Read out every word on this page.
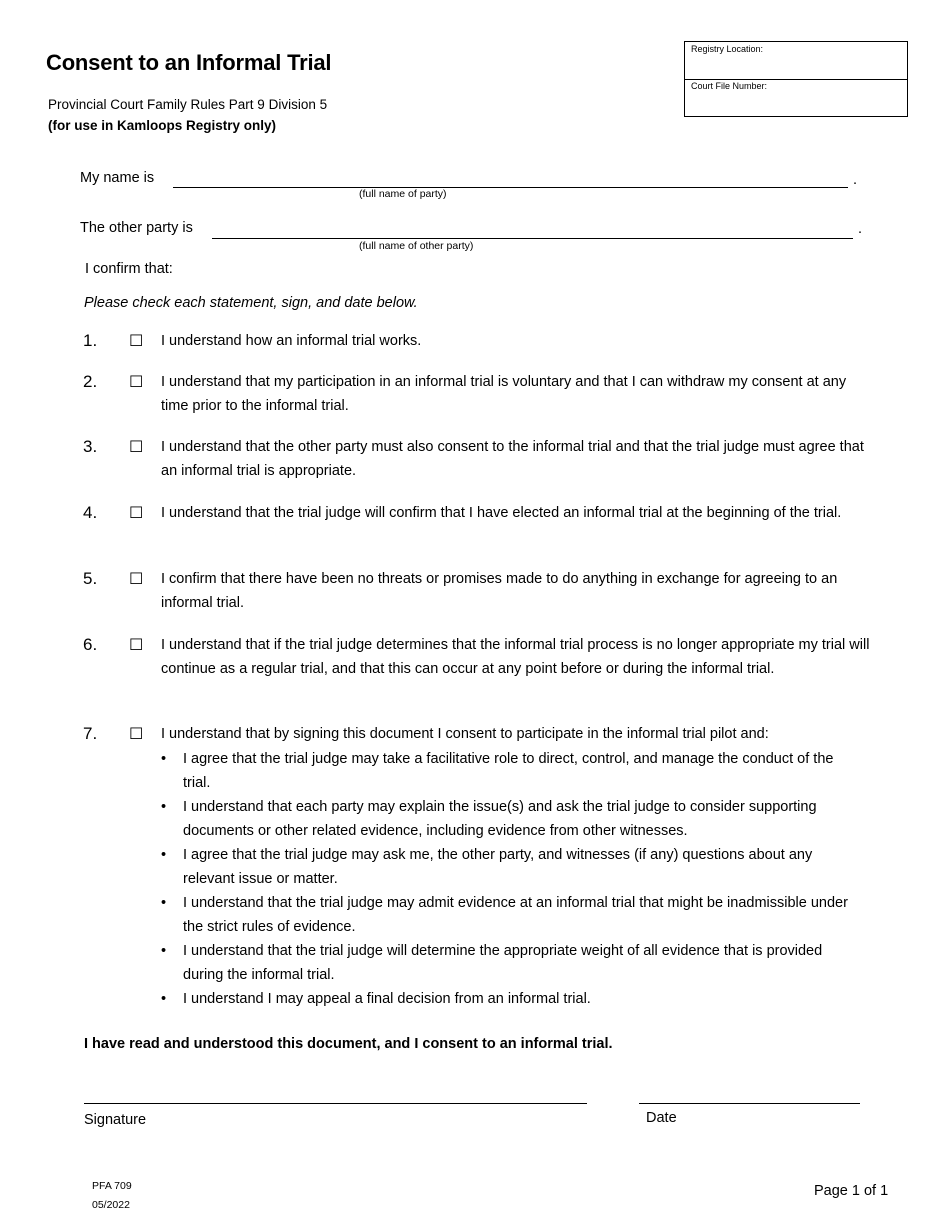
Consent to an Informal Trial
Provincial Court Family Rules Part 9 Division 5
(for use in Kamloops Registry only)
Registry Location:
Court File Number:
My name is	.
(full name of party)
The other party is	.
(full name of other party)
I confirm that:
Please check each statement, sign, and date below.
1. ☐ I understand how an informal trial works.
2. ☐ I understand that my participation in an informal trial is voluntary and that I can withdraw my consent at any time prior to the informal trial.
3. ☐ I understand that the other party must also consent to the informal trial and that the trial judge must agree that an informal trial is appropriate.
4. ☐ I understand that the trial judge will confirm that I have elected an informal trial at the beginning of the trial.
5. ☐ I confirm that there have been no threats or promises made to do anything in exchange for agreeing to an informal trial.
6. ☐ I understand that if the trial judge determines that the informal trial process is no longer appropriate my trial will continue as a regular trial, and that this can occur at any point before or during the informal trial.
7. ☐ I understand that by signing this document I consent to participate in the informal trial pilot and:
• I agree that the trial judge may take a facilitative role to direct, control, and manage the conduct of the trial.
• I understand that each party may explain the issue(s) and ask the trial judge to consider supporting documents or other related evidence, including evidence from other witnesses.
• I agree that the trial judge may ask me, the other party, and witnesses (if any) questions about any relevant issue or matter.
• I understand that the trial judge may admit evidence at an informal trial that might be inadmissible under the strict rules of evidence.
• I understand that the trial judge will determine the appropriate weight of all evidence that is provided during the informal trial.
• I understand I may appeal a final decision from an informal trial.
I have read and understood this document, and I consent to an informal trial.
Signature	Date
PFA 709
05/2022
Page 1 of 1
